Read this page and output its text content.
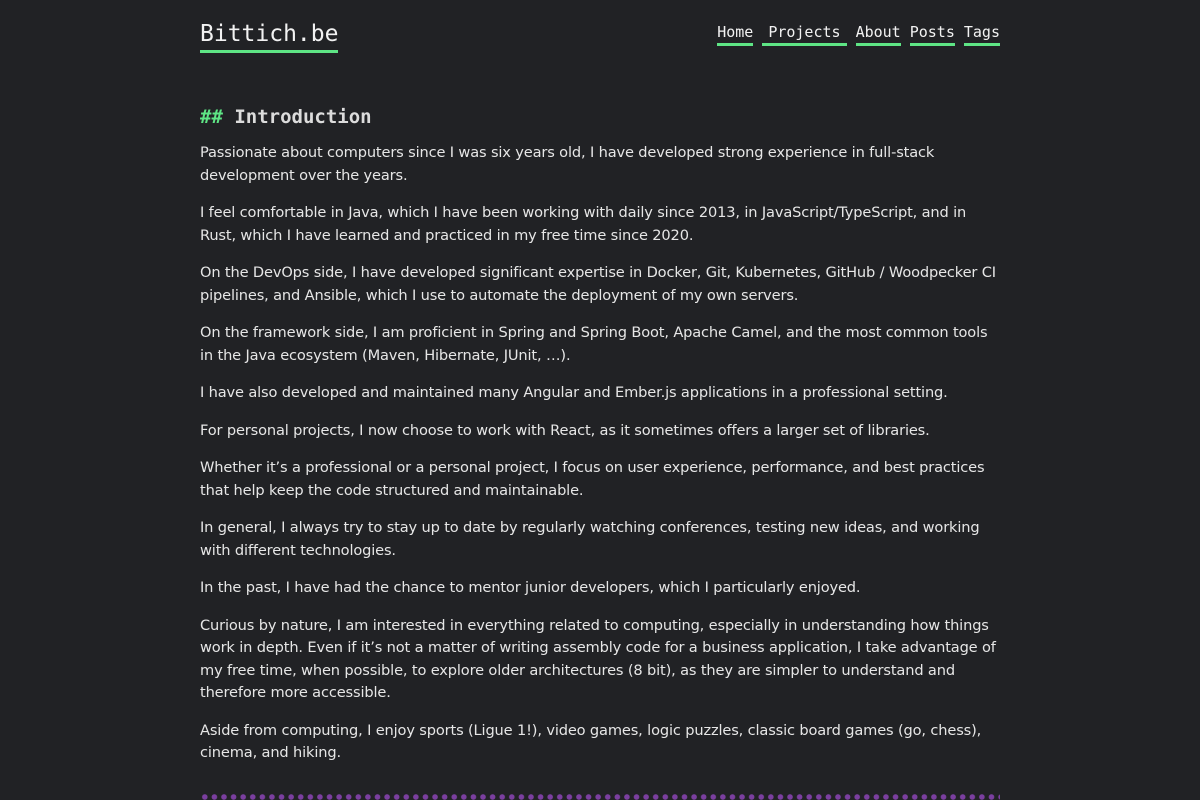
Bittich.be	Home	Projects	About Posts Tags
## Introduction

Passionate about computers since I was six years old, I have developed strong experience in full-stack development over the years.

I feel comfortable in Java, which I have been working with daily since 2013, in JavaScript/TypeScript, and in Rust, which I have learned and practiced in my free time since 2020.

On the DevOps side, I have developed significant expertise in Docker, Git, Kubernetes, GitHub / Woodpecker CI pipelines, and Ansible, which I use to automate the deployment of my own servers.

On the framework side, I am proficient in Spring and Spring Boot, Apache Camel, and the most common tools in the Java ecosystem (Maven, Hibernate, JUnit, …).

I have also developed and maintained many Angular and Ember.js applications in a professional setting.

For personal projects, I now choose to work with React, as it sometimes offers a larger set of libraries.

Whether it’s a professional or a personal project, I focus on user experience, performance, and best practices that help keep the code structured and maintainable.

In general, I always try to stay up to date by regularly watching conferences, testing new ideas, and working with different technologies.

In the past, I have had the chance to mentor junior developers, which I particularly enjoyed.

Curious by nature, I am interested in everything related to computing, especially in understanding how things work in depth. Even if it’s not a matter of writing assembly code for a business application, I take advantage of my free time, when possible, to explore older architectures (8 bit), as they are simpler to understand and therefore more accessible.

Aside from computing, I enjoy sports (Ligue 1!), video games, logic puzzles, classic board games (go, chess), cinema, and hiking.
